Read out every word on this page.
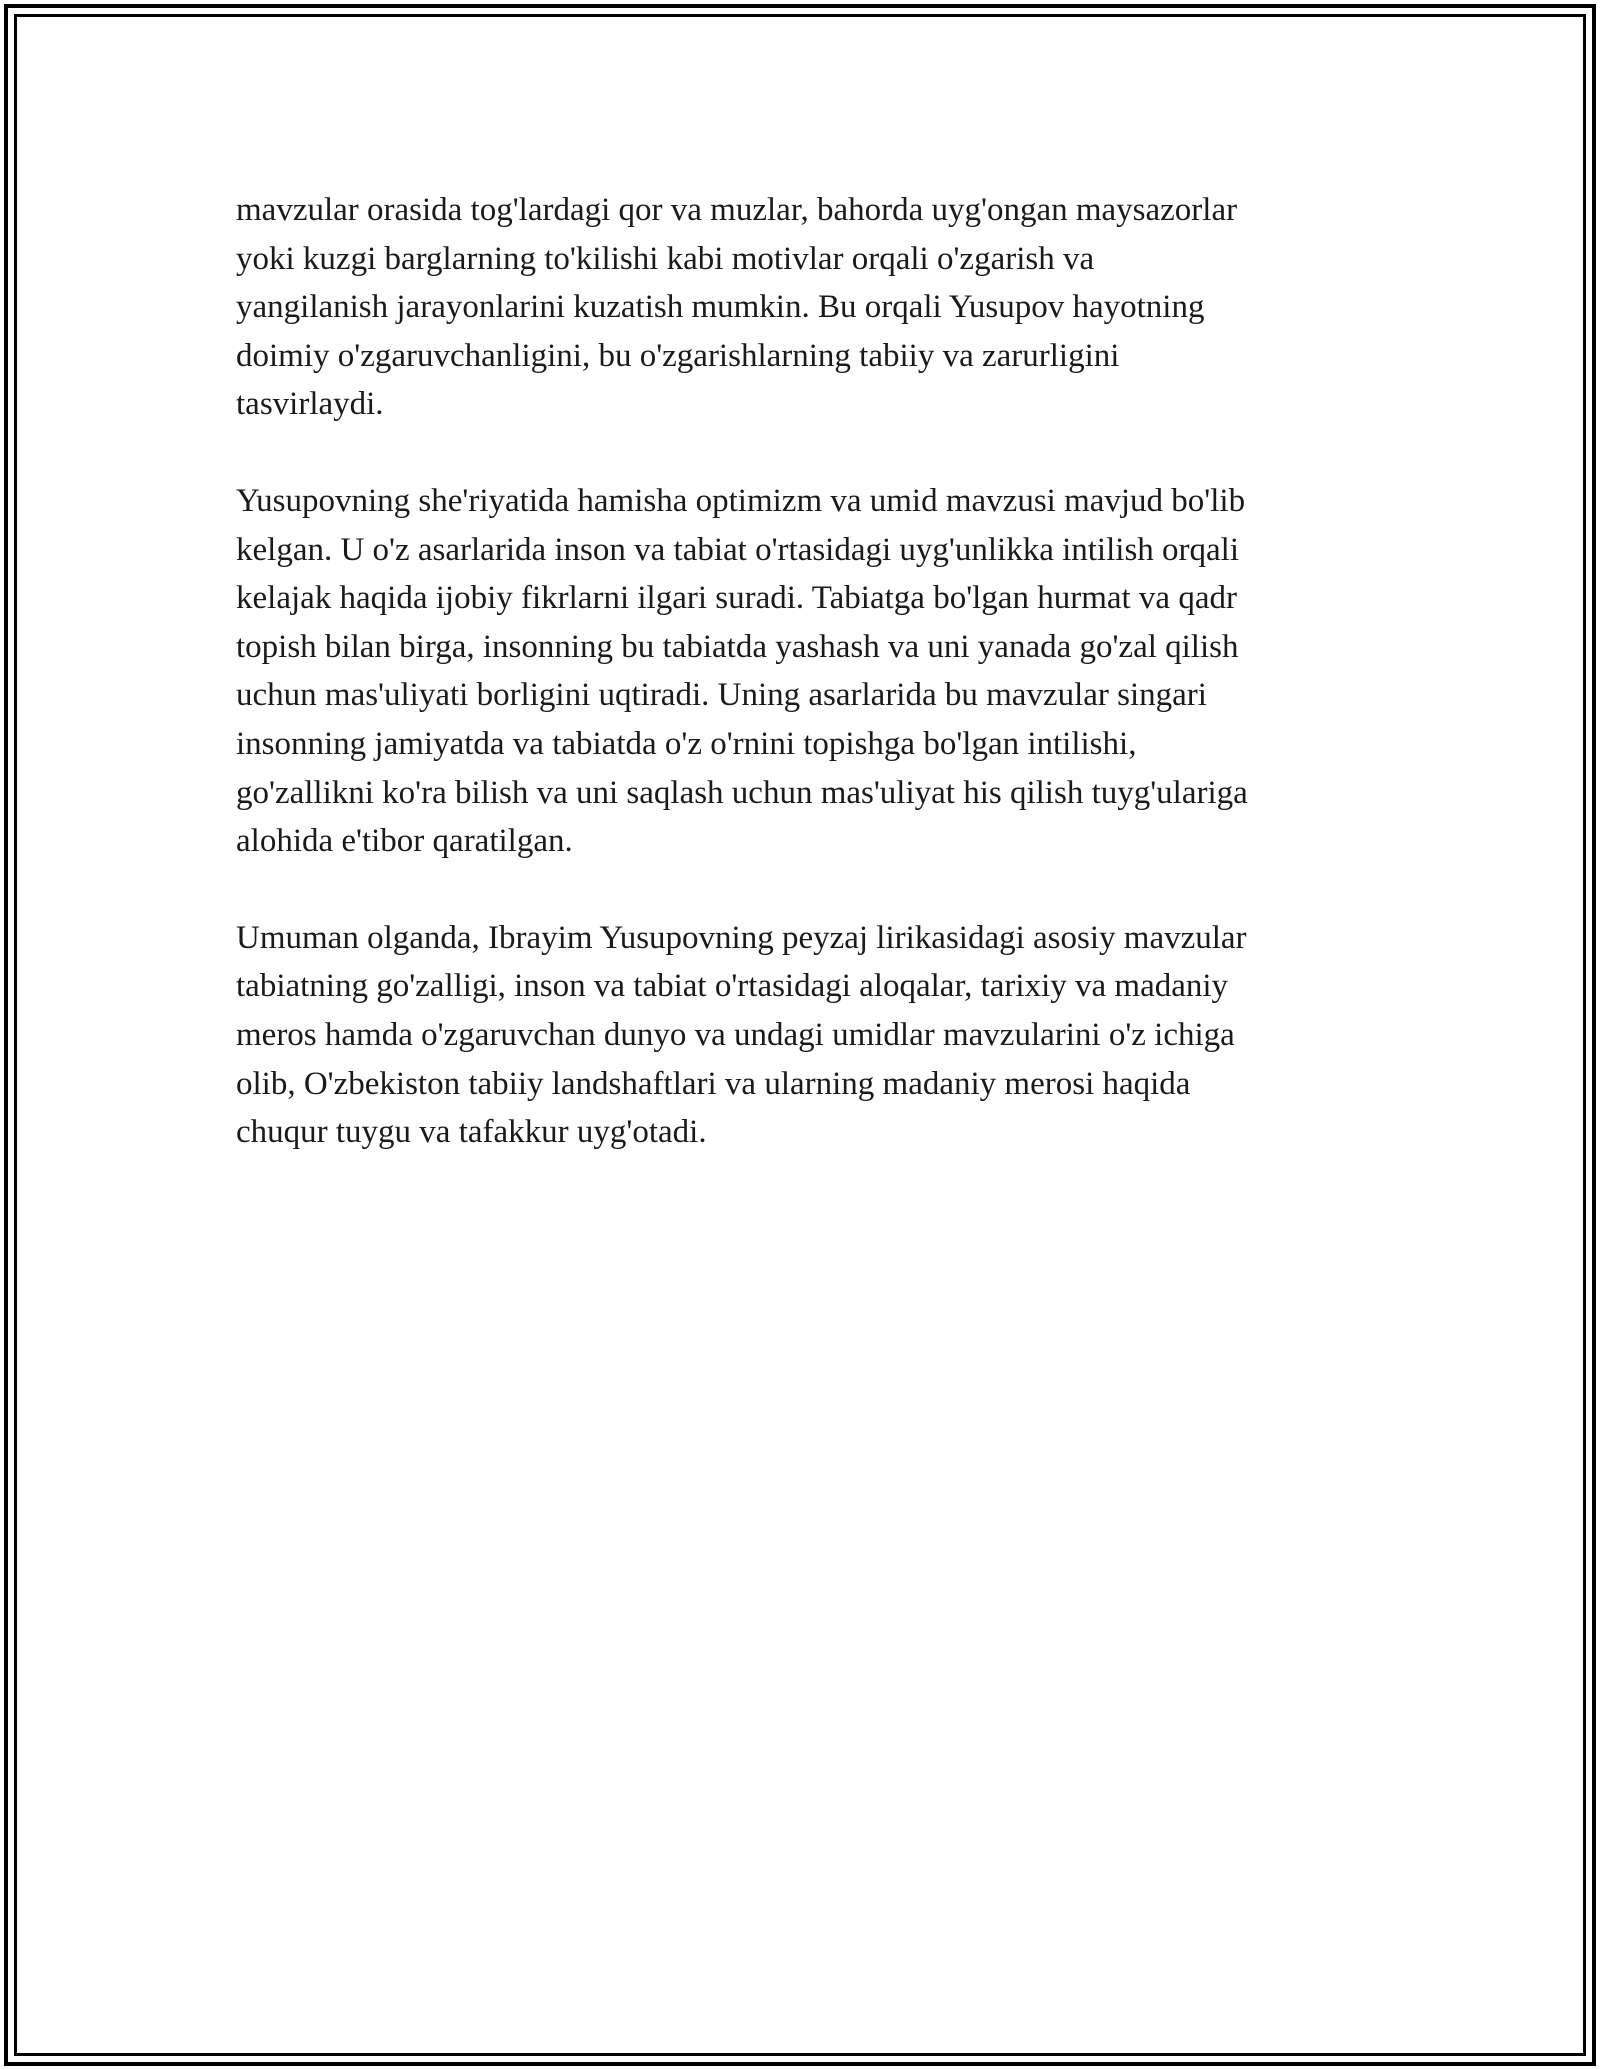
mavzular orasida tog'lardagi qor va muzlar, bahorda uyg'ongan maysazorlar
yoki kuzgi barglarning to'kilishi kabi motivlar orqali o'zgarish va
yangilanish jarayonlarini kuzatish mumkin. Bu orqali Yusupov hayotning
doimiy o'zgaruvchanligini, bu o'zgarishlarning tabiiy va zarurligini
tasvirlaydi.

Yusupovning she'riyatida hamisha optimizm va umid mavzusi mavjud bo'lib
kelgan. U o'z asarlarida inson va tabiat o'rtasidagi uyg'unlikka intilish orqali
kelajak haqida ijobiy fikrlarni ilgari suradi. Tabiatga bo'lgan hurmat va qadr
topish bilan birga, insonning bu tabiatda yashash va uni yanada go'zal qilish
uchun mas'uliyati borligini uqtiradi. Uning asarlarida bu mavzular singari
insonning jamiyatda va tabiatda o'z o'rnini topishga bo'lgan intilishi,
go'zallikni ko'ra bilish va uni saqlash uchun mas'uliyat his qilish tuyg'ulariga
alohida e'tibor qaratilgan.

Umuman olganda, Ibrayim Yusupovning peyzaj lirikasidagi asosiy mavzular
tabiatning go'zalligi, inson va tabiat o'rtasidagi aloqalar, tarixiy va madaniy
meros hamda o'zgaruvchan dunyo va undagi umidlar mavzularini o'z ichiga
olib, O'zbekiston tabiiy landshaftlari va ularning madaniy merosi haqida
chuqur tuygu va tafakkur uyg'otadi.
